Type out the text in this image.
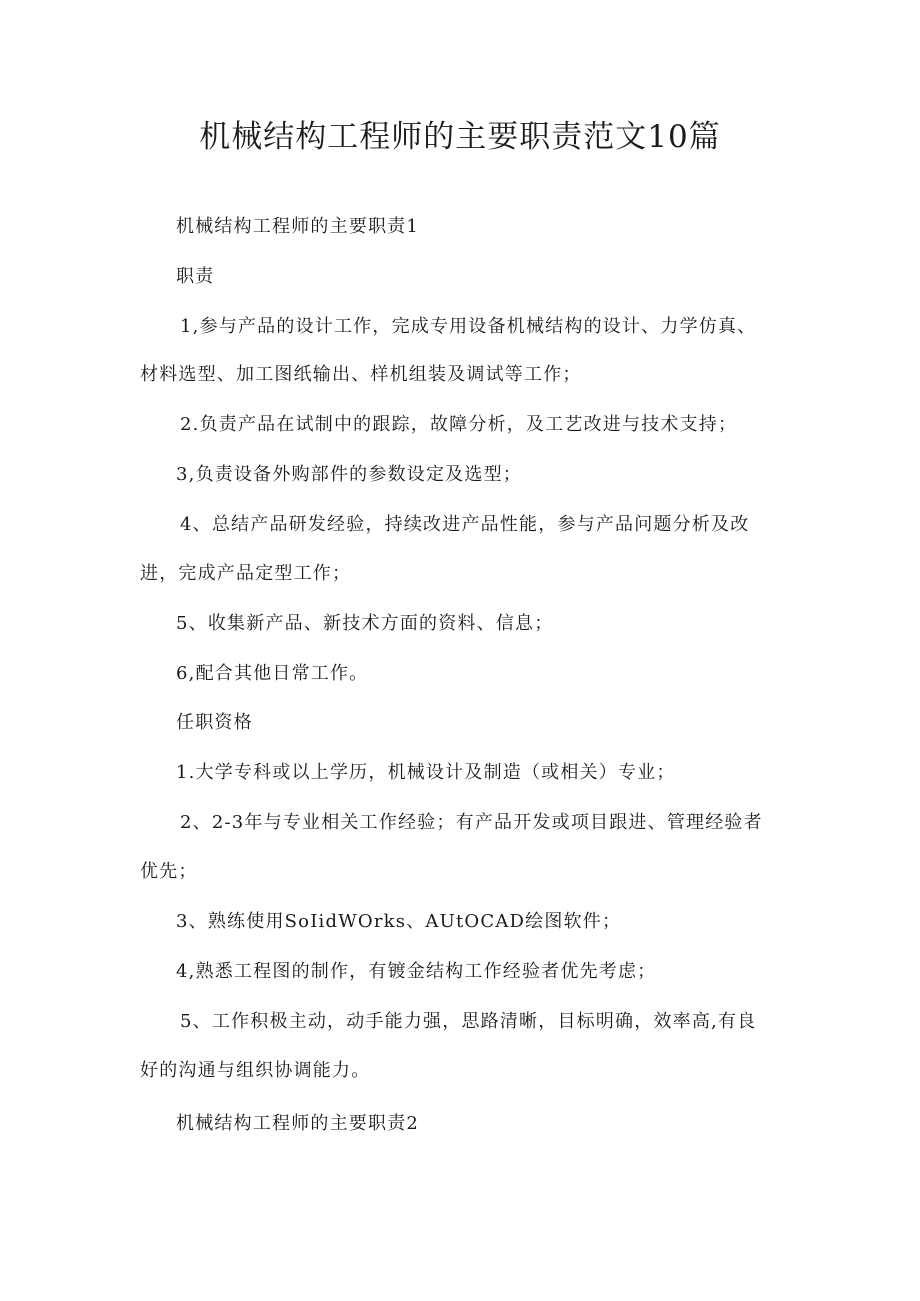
机械结构工程师的主要职责范文10篇
机械结构工程师的主要职责1
职责
1,参与产品的设计工作，完成专用设备机械结构的设计、力学仿真、
材料选型、加工图纸输出、样机组装及调试等工作；
2.负责产品在试制中的跟踪，故障分析，及工艺改进与技术支持；
3,负责设备外购部件的参数设定及选型；
4、总结产品研发经验，持续改进产品性能，参与产品问题分析及改
进，完成产品定型工作；
5、收集新产品、新技术方面的资料、信息；
6,配合其他日常工作。
任职资格
1.大学专科或以上学历，机械设计及制造（或相关）专业；
2、2-3年与专业相关工作经验；有产品开发或项目跟进、管理经验者
优先；
3、熟练使用SoIidWOrks、AUtOCAD绘图软件；
4,熟悉工程图的制作，有镀金结构工作经验者优先考虑；
5、工作积极主动，动手能力强，思路清晰，目标明确，效率高,有良
好的沟通与组织协调能力。
机械结构工程师的主要职责2
